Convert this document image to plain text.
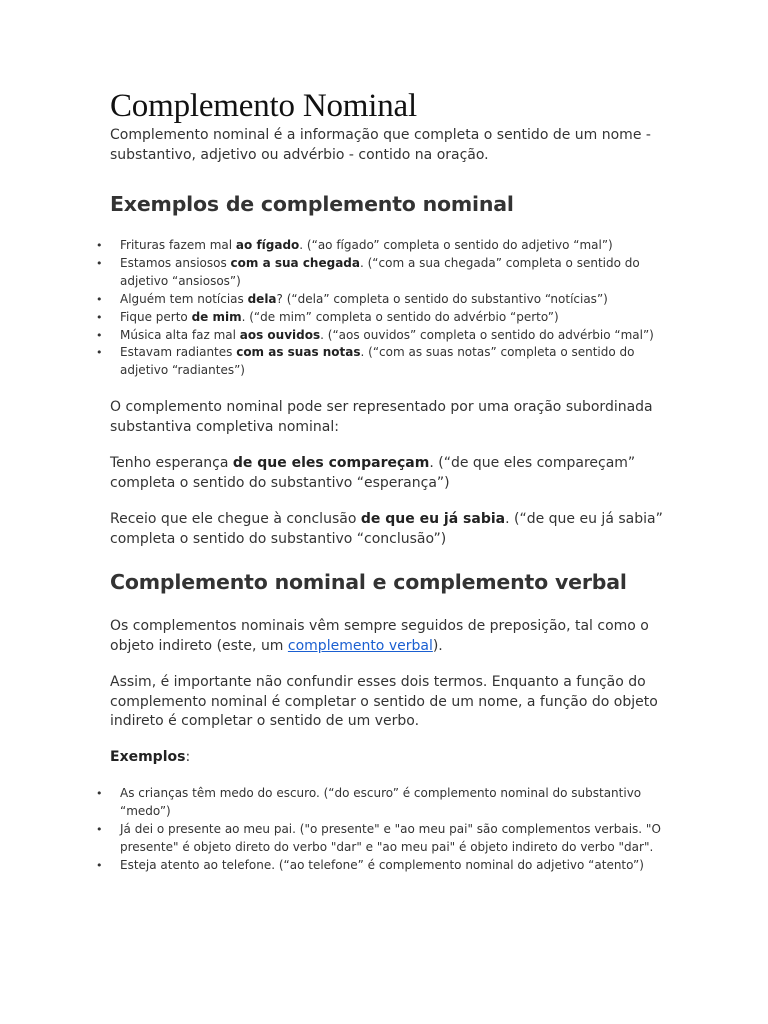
Complemento Nominal

Complemento nominal é a informação que completa o sentido de um nome - substantivo, adjetivo ou advérbio - contido na oração.

Exemplos de complemento nominal
• Frituras fazem mal ao fígado. (“ao fígado” completa o sentido do adjetivo “mal”)
• Estamos ansiosos com a sua chegada. (“com a sua chegada” completa o sentido do adjetivo “ansiosos”)
• Alguém tem notícias dela? (“dela” completa o sentido do substantivo “notícias”)
• Fique perto de mim. (“de mim” completa o sentido do advérbio “perto”)
• Música alta faz mal aos ouvidos. (“aos ouvidos” completa o sentido do advérbio “mal”)
• Estavam radiantes com as suas notas. (“com as suas notas” completa o sentido do adjetivo “radiantes”)

O complemento nominal pode ser representado por uma oração subordinada substantiva completiva nominal:

Tenho esperança de que eles compareçam. (“de que eles compareçam” completa o sentido do substantivo “esperança”)

Receio que ele chegue à conclusão de que eu já sabia. (“de que eu já sabia” completa o sentido do substantivo “conclusão”)

Complemento nominal e complemento verbal

Os complementos nominais vêm sempre seguidos de preposição, tal como o objeto indireto (este, um complemento verbal).

Assim, é importante não confundir esses dois termos. Enquanto a função do complemento nominal é completar o sentido de um nome, a função do objeto indireto é completar o sentido de um verbo.

Exemplos:

• As crianças têm medo do escuro. (“do escuro” é complemento nominal do substantivo “medo”)
• Já dei o presente ao meu pai. ("o presente" e "ao meu pai" são complementos verbais. "O presente" é objeto direto do verbo "dar" e "ao meu pai" é objeto indireto do verbo "dar".
• Esteja atento ao telefone. (“ao telefone” é complemento nominal do adjetivo “atento”)
